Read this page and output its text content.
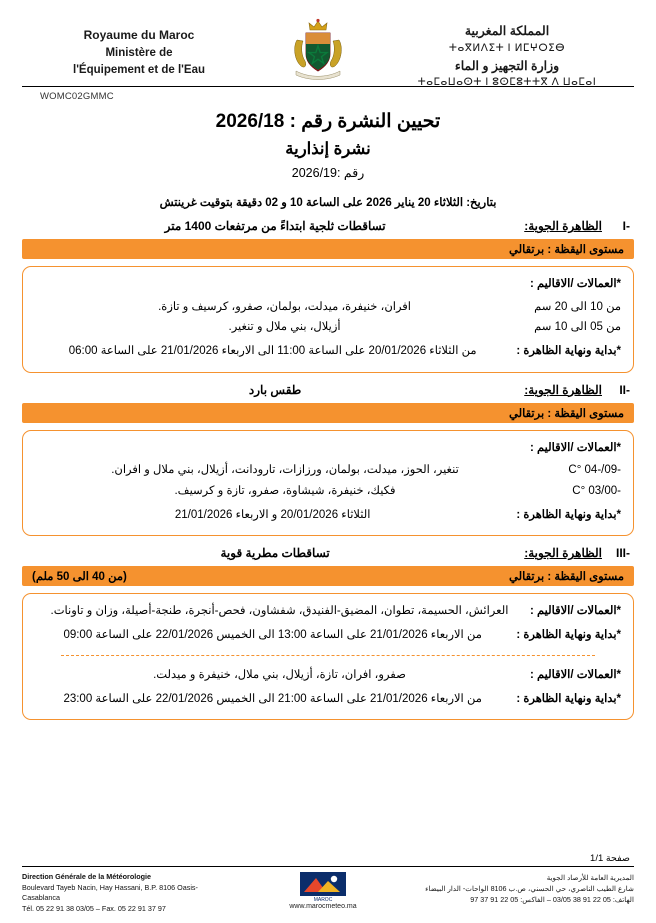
Royaume du Maroc
Ministère de
l'Équipement et de l'Eau
المملكة المغربية
ⵜⴰⴳⵍⴷⵉⵜ ⵏ ⵍⵎⵖⵔⵉⴱ
وزارة التجهيز و الماء
ⵜⴰⵎⴰⵡⴰⵙⵜ ⵏ ⵓⵙⵎⵓⵜⵜⴳ ⴷ ⵡⴰⵎⴰⵏ
WOMC02GMMC
تحيين النشرة رقم : 2026/18
نشرة إنذارية
رقم :2026/19
بتاريخ: الثلاثاء 20 يناير 2026 على الساعة 10 و 02 دقيقة بتوقيت غرينتش
-I
الظاهرة الجوية:
تساقطات ثلجية ابتداءً من مرتفعات 1400 متر
مستوى اليقظة : برتقالي
*العمالات /الاقاليم :
من 10 الى 20 سم
افران، خنيفرة، ميدلت، بولمان، صفرو، كرسيف و تازة.
من 05 الى 10 سم
أزيلال، بني ملال و تنغير.
*بداية ونهاية الظاهرة :
من الثلاثاء 20/01/2026 على الساعة 11:00 الى الاربعاء 21/01/2026 على الساعة 06:00
-II
الظاهرة الجوية:
طقس بارد
مستوى اليقظة : برتقالي
*العمالات /الاقاليم :
-09/-04 °C
تنغير، الحوز، ميدلت، بولمان، ورزازات، تارودانت، أزيلال، بني ملال و افران.
-03/00 °C
فكيك، خنيفرة، شيشاوة، صفرو، تازة و كرسيف.
*بداية ونهاية الظاهرة :
الثلاثاء 20/01/2026 و الاربعاء 21/01/2026
-III
الظاهرة الجوية:
تساقطات مطرية قوية
مستوى اليقظة : برتقالي
(من 40 الى 50 ملم)
*العمالات /الاقاليم :
العرائش، الحسيمة، تطوان، المضيق-الفنيدق، شفشاون، فحص-أنجرة، طنجة-أصيلة، وزان و تاونات.
*بداية ونهاية الظاهرة :
من الاربعاء 21/01/2026 على الساعة 13:00 الى الخميس 22/01/2026 على الساعة 09:00
*العمالات /الاقاليم :
صفرو، افران، تازة، أزيلال، بني ملال، خنيفرة و ميدلت.
*بداية ونهاية الظاهرة :
من الاربعاء 21/01/2026 على الساعة 21:00 الى الخميس 22/01/2026 على الساعة 23:00
صفحة 1/1
Direction Générale de la Météorologie
Boulevard Tayeb Nacin, Hay Hassani, B.P. 8106 Oasis-Casablanca
Tél. 05 22 91 38 03/05 – Fax. 05 22 91 37 97
MAROC
www.marocmeteo.ma
المديرية العامة للأرصاد الجوية
شارع الطيب الناصري، حي الحسني، ص.ب 8106 الواحات- الدار البيضاء
الهاتف: 05 22 91 38 03/05 – الفاكس: 05 22 91 37 97
